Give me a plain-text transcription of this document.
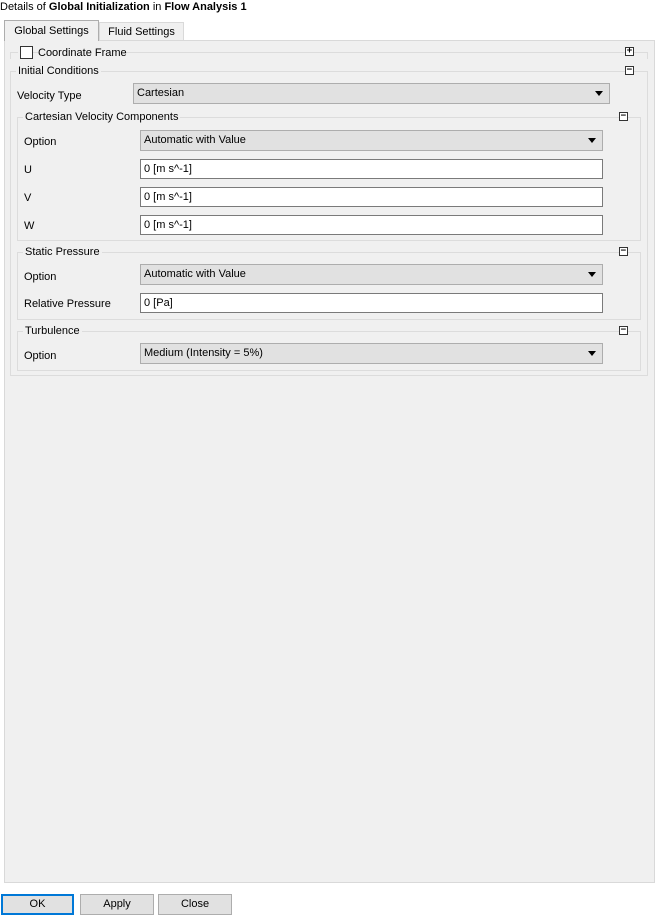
Details of Global Initialization in Flow Analysis 1
Fluid Settings
Global Settings
Coordinate Frame	+
Initial Conditions	−
Velocity Type	Cartesian
Cartesian Velocity Components	−
Option	Automatic with Value
U	0 [m s^-1]
V	0 [m s^-1]
W	0 [m s^-1]
Static Pressure	−
Option	Automatic with Value
Relative Pressure	0 [Pa]
Turbulence	−
Option	Medium (Intensity = 5%)
OK	Apply	Close
